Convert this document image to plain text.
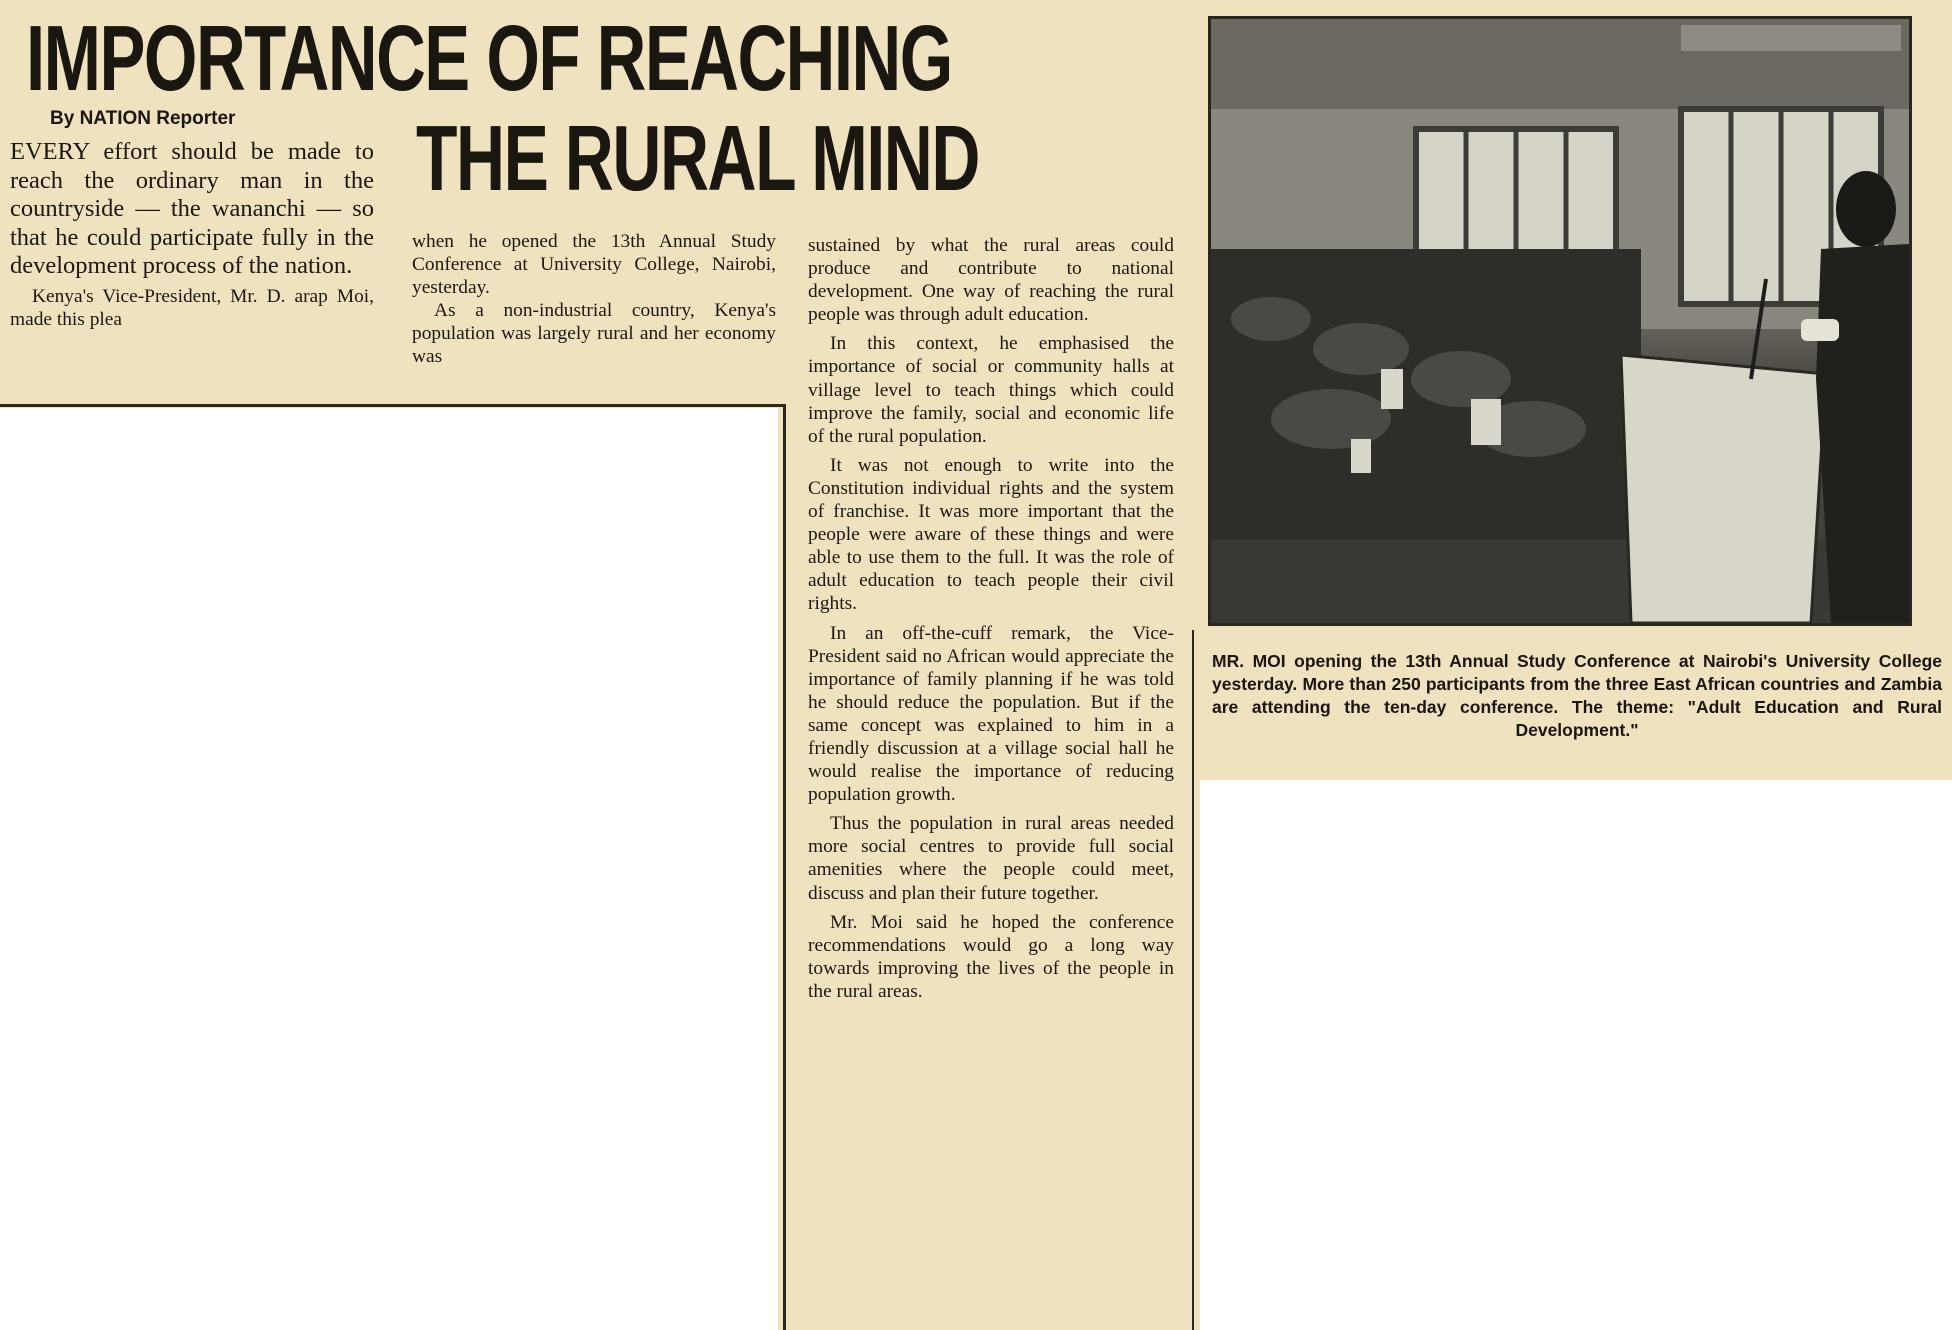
IMPORTANCE OF REACHING
THE RURAL MIND
By NATION Reporter

EVERY effort should be made to reach the ordinary man in the countryside — the wananchi — so that he could participate fully in the development process of the nation.

Kenya's Vice-President, Mr. D. arap Moi, made this plea

when he opened the 13th Annual Study Conference at University College, Nairobi, yesterday.

As a non-industrial country, Kenya's population was largely rural and her economy was

sustained by what the rural areas could produce and contribute to national development. One way of reaching the rural people was through adult education.

In this context, he emphasised the importance of social or community halls at village level to teach things which could improve the family, social and economic life of the rural population.

It was not enough to write into the Constitution individual rights and the system of franchise. It was more important that the people were aware of these things and were able to use them to the full. It was the role of adult education to teach people their civil rights.

In an off-the-cuff remark, the Vice-President said no African would appreciate the importance of family planning if he was told he should reduce the population. But if the same concept was explained to him in a friendly discussion at a village social hall he would realise the importance of reducing population growth.

Thus the population in rural areas needed more social centres to provide full social amenities where the people could meet, discuss and plan their future together.

Mr. Moi said he hoped the conference recommendations would go a long way towards improving the lives of the people in the rural areas.

MR. MOI opening the 13th Annual Study Conference at Nairobi's University College yesterday. More than 250 participants from the three East African countries and Zambia are attending the ten-day conference. The theme: "Adult Education and Rural Development."
